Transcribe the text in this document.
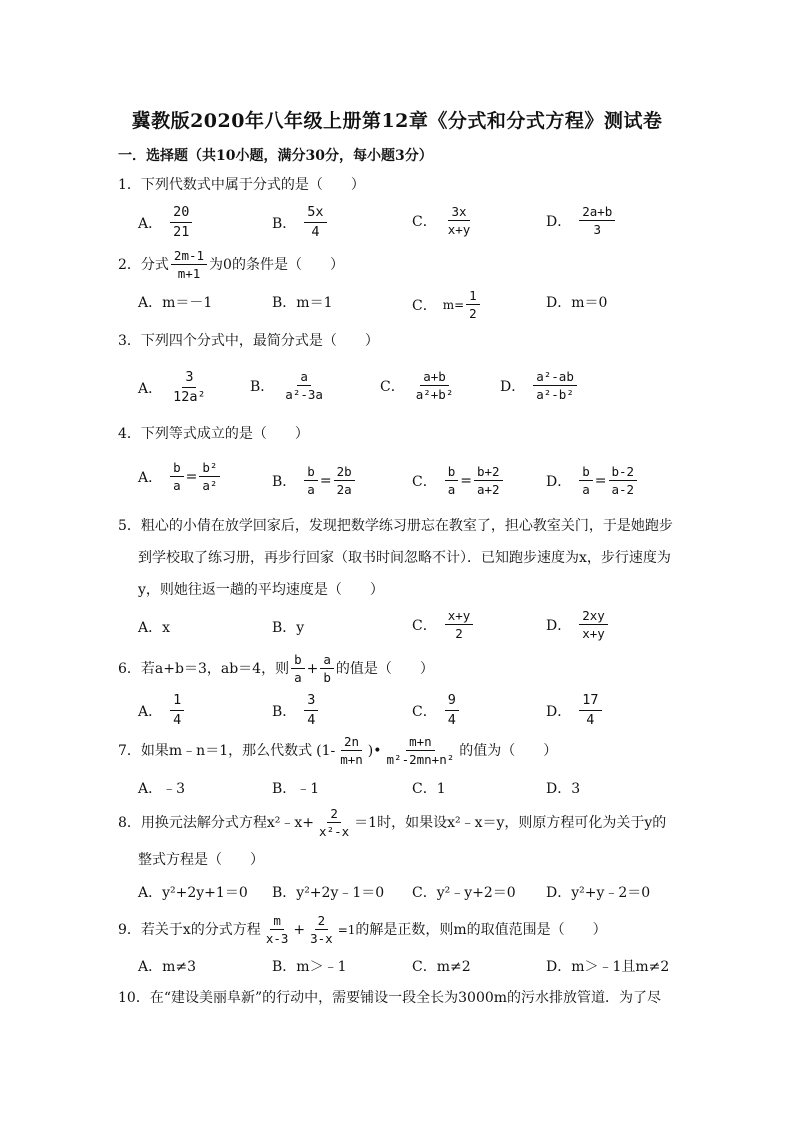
冀教版2020年八年级上册第12章《分式和分式方程》测试卷
一．选择题（共10小题，满分30分，每小题3分）
1．下列代数式中属于分式的是（　　）
A． $\frac{20}{21}$	B． $\frac{5x}{4}$	C． $\frac{3x}{x+y}$	D． $\frac{2a+b}{3}$
2．分式 $\frac{2m-1}{m+1}$ 为0的条件是（　　）
A．m＝－1	B．m＝1	C． $m= \frac{1}{2}$	D．m＝0
3．下列四个分式中，最简分式是（　　）
A． $\frac{3}{\text{12a²}}$	B． $\frac{a}{\text{a²-3a}}$	C． $\frac{a+b}{\text{a²+b²}}$	D． $\frac{\text{a²-ab}}{\text{a²-b²}}$
4．下列等式成立的是（　　）
A． $\frac{b}{a} = \frac{\text{b²}}{\text{a²}}$	B． $\frac{b}{a} = \frac{2b}{2a}$	C． $\frac{b}{a} = \frac{b+2}{a+2}$	D． $\frac{b}{a} = \frac{b-2}{a-2}$
5．粗心的小倩在放学回家后，发现把数学练习册忘在教室了，担心教室关门，于是她跑步
到学校取了练习册，再步行回家（取书时间忽略不计）．已知跑步速度为x，步行速度为
y，则她往返一趟的平均速度是（　　）
A．x	B．y	C． $\frac{x+y}{2}$	D． $\frac{2xy}{x+y}$
6．若a+b＝3，ab＝4，则 $\frac{b}{a} + \frac{a}{b}$ 的值是（　　）
A． $\frac{1}{4}$	B． $\frac{3}{4}$	C． $\frac{9}{4}$	D． $\frac{17}{4}$
7．如果m﹣n＝1，那么代数式 ($1- \frac{2n}{m+n}$ )• $\frac{m+n}{\text{m²-2mn+n²}}$ 的值为（　　）
A．﹣3	B．﹣1	C．1	D．3
8．用换元法解分式方程x²﹣x+ $\frac{2}{\text{x²-x}} =1$时，如果设x²﹣x＝y，则原方程可化为关于y的
整式方程是（　　）
A．y²+2y+1＝0 B．y²+2y﹣1＝0 C．y²﹣y+2＝0 D．y²+y﹣2＝0
9．若关于x的分式方程 $\frac{m}{x-3} + \frac{2}{3-x} =1$ 的解是正数，则m的取值范围是（　　）
A．m≠3	B．m＞﹣1	C．m≠2	D．m＞﹣1且m≠2
10．在“建设美丽阜新”的行动中，需要铺设一段全长为3000m的污水排放管道．为了尽
